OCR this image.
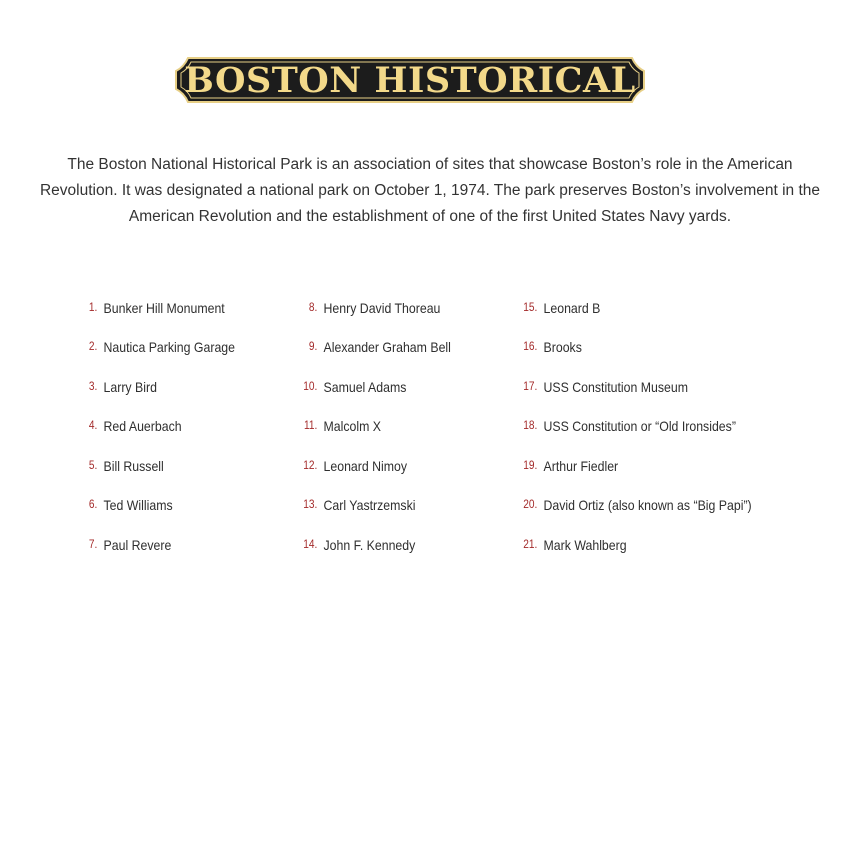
BOSTON HISTORICAL
The Boston National Historical Park is an association of sites that showcase Boston’s role in the American Revolution. It was designated a national park on October 1, 1974. The park preserves Boston’s involvement in the American Revolution and the establishment of one of the first United States Navy yards.
1. Bunker Hill Monument
2. Nautica Parking Garage
3. Larry Bird
4. Red Auerbach
5. Bill Russell
6. Ted Williams
7. Paul Revere
8. Henry David Thoreau
9. Alexander Graham Bell
10. Samuel Adams
11. Malcolm X
12. Leonard Nimoy
13. Carl Yastrzemski
14. John F. Kennedy
15. Leonard B
16. Brooks
17. USS Constitution Museum
18. USS Constitution or “Old Ironsides”
19. Arthur Fiedler
20. David Ortiz (also known as “Big Papi”)
21. Mark Wahlberg
